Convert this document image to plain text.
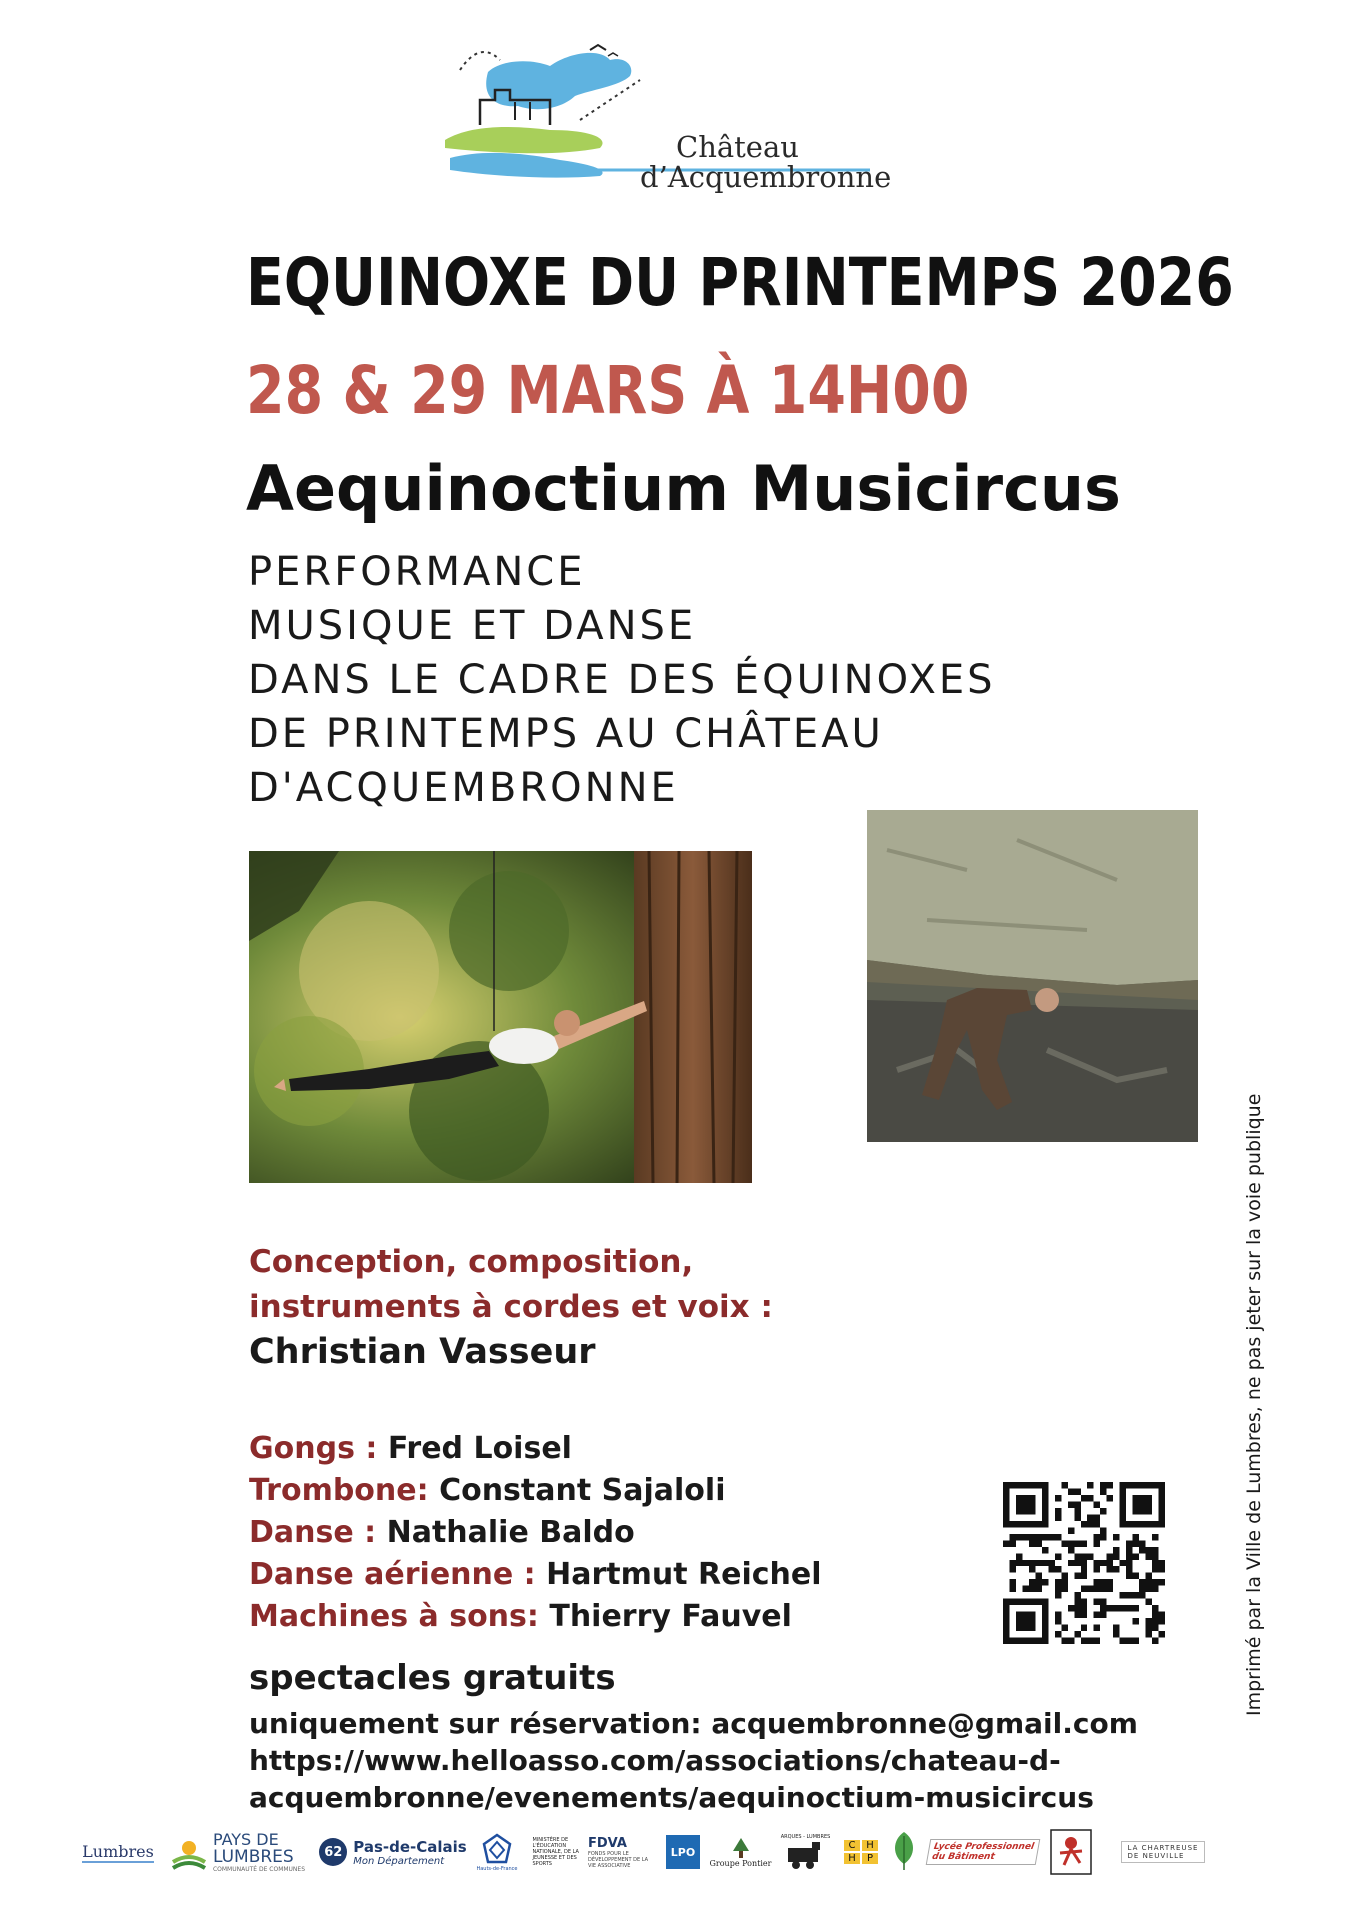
Château
d’Acquembronne
EQUINOXE DU PRINTEMPS 2026
28 & 29 MARS À 14H00
Aequinoctium Musicircus
PERFORMANCE
MUSIQUE ET DANSE
DANS LE CADRE DES ÉQUINOXES
DE PRINTEMPS AU CHÂTEAU
D'ACQUEMBRONNE
Conception, composition,
instruments à cordes et voix :
Christian Vasseur
Gongs : Fred Loisel
Trombone: Constant Sajaloli
Danse : Nathalie Baldo
Danse aérienne : Hartmut Reichel
Machines à sons: Thierry Fauvel
spectacles gratuits
uniquement sur réservation: acquembronne@gmail.com
https://www.helloasso.com/associations/chateau-d-
acquembronne/evenements/aequinoctium-musicircus
Imprimé par la Ville de Lumbres, ne pas jeter sur la voie publique
Lumbres
PAYS DE
LUMBRES
COMMUNAUTÉ DE COMMUNES
62 Pas-de-Calais
Mon Département
Hauts-de-France
MINISTÈRE DE L'ÉDUCATION NATIONALE, DE LA JEUNESSE ET DES SPORTS
FDVA
FONDS POUR LE DÉVELOPPEMENT DE LA VIE ASSOCIATIVE
LPO
Groupe Pontier
ARQUES - LUMBRES
C	H
H	P
Lycée Professionnel
du Bâtiment
LA CHARTREUSE
DE NEUVILLE
